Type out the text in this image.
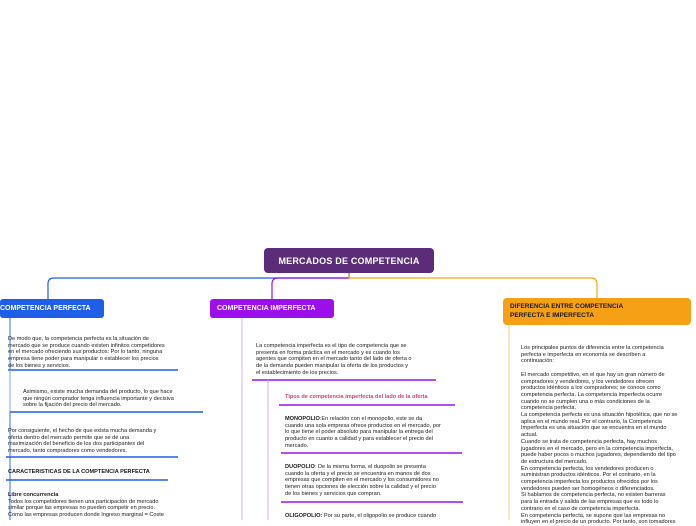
MERCADOS DE COMPETENCIA
COMPETENCIA PERFECTA	COMPETENCIA IMPERFECTA	DIFERENCIA ENTRE COMPETENCIA
PERFECTA E IMPERFECTA

De modo que, la competencia perfecta es la situación de
mercado que se produce cuando existen infinitos competidores
en el mercado ofreciendo sus productos: Por lo tanto, ninguna
empresa tiene poder para manipular o establecer los precios
de los bienes y servicios.

Asimismo, existe mucha demanda del producto, lo que hace
que ningún comprador tenga influencia importante y decisiva
sobre la fijación del precio del mercado.

Por consiguiente, el hecho de que exista mucha demanda y
oferta dentro del mercado permite que se dé una
maximización del beneficio de los dos participantes del
mercado, tanto compradores como vendedores.

CARACTERISTICAS DE LA COMPTENCIA PERFECTA

Libre concurrencia
Todos los competidores tienen una participación de mercado
similar porque las empresas no pueden competir en precio.
Como las empresas producen donde Ingreso marginal = Coste

La competencia imperfecta es el tipo de competencia que se
presenta en forma práctica en el mercado y es cuando los
agentes que compiten en el mercado tanto del lado de oferta o
de la demanda pueden manipular la oferta de los productos y
el establecimiento de los precios.

Tipos de competencia imperfecta del lado de la oferta

MONOPOLIO:En relación con el monopolio, este se da
cuando una sola empresa ofrece productos en el mercado, por
lo que tiene el poder absoluto para manipular la entrega del
producto en cuanto a calidad y para establecer el precio del
mercado.

DUOPOLIO: De la misma forma, el duopolio se presenta
cuando la oferta y el precio se encuentra en manos de dos
empresas que compiten en el mercado y los consumidores no
tienen otras opciones de elección sobre la calidad y el precio
de los bienes y servicios que compran.

OLIGOPOLIO: Por su parte, el oligopolio se produce cuando

Los principales puntos de diferencia entre la competencia
perfecta e imperfecta en economía se describen a
continuación:

El mercado competitivo, en el que hay un gran número de
compradores y vendedores, y los vendedores ofrecen
productos idénticos a los compradores; se conoce como
competencia perfecta. La competencia imperfecta ocurre
cuando no se cumplen una o más condiciones de la
competencia perfecta.
La competencia perfecta es una situación hipotética, que no se
aplica en el mundo real. Por el contrario, la Competencia
Imperfecta es una situación que se encuentra en el mundo
actual.
Cuando se trata de competencia perfecta, hay muchos
jugadores en el mercado, pero en la competencia imperfecta,
puede haber pocos o muchos jugadores, dependiendo del tipo
de estructura del mercado.
En competencia perfecta, los vendedores producen o
suministran productos idénticos. Por el contrario, en la
competencia imperfecta los productos ofrecidos por los
vendedores pueden ser homogéneos o diferenciados.
Si hablamos de competencia perfecta, no existen barreras
para la entrada y salida de las empresas que es todo lo
contrario en el caso de competencia imperfecta.
En competencia perfecta, se supone que las empresas no
influyen en el precio de un producto. Por tanto, son tomadores
